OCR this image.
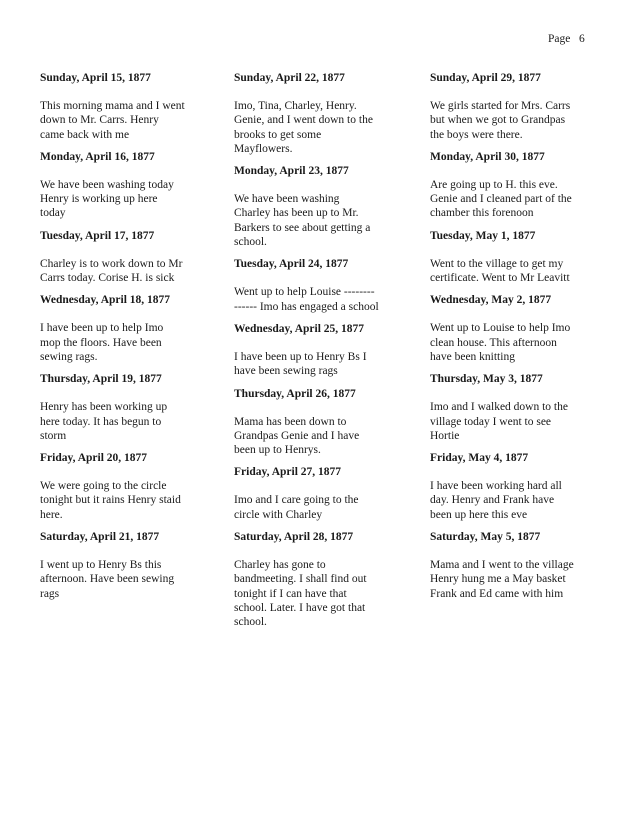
Page   6
Sunday, April 15, 1877
This morning mama and I went
down to Mr. Carrs. Henry
came back with me
Monday, April 16, 1877
We have been washing today
Henry is working up here
today
Tuesday, April 17, 1877
Charley is to work down to Mr
Carrs today. Corise H. is sick
Wednesday, April 18, 1877
I have been up to help Imo
mop the floors. Have been
sewing rags.
Thursday, April 19, 1877
Henry has been working up
here today. It has begun to
storm
Friday, April 20, 1877
We were going to the circle
tonight but it rains Henry staid
here.
Saturday, April 21, 1877
I went up to Henry Bs this
afternoon. Have been sewing
rags
Sunday, April 22, 1877
Imo, Tina, Charley, Henry.
Genie, and I went down to the
brooks to get some
Mayflowers.
Monday, April 23, 1877
We have been washing
Charley has been up to Mr.
Barkers to see about getting a
school.
Tuesday, April 24, 1877
Went up to help Louise --------
------ Imo has engaged a school
Wednesday, April 25, 1877
I have been up to Henry Bs I
have been sewing rags
Thursday, April 26, 1877
Mama has been down to
Grandpas Genie and I have
been up to Henrys.
Friday, April 27, 1877
Imo and I care going to the
circle with Charley
Saturday, April 28, 1877
Charley has gone to
bandmeeting. I shall find out
tonight if I can have that
school. Later. I have got that
school.
Sunday, April 29, 1877
We girls started for Mrs. Carrs
but when we got to Grandpas
the boys were there.
Monday, April 30, 1877
Are going up to H. this eve.
Genie and I cleaned part of the
chamber this forenoon
Tuesday, May 1, 1877
Went to the village to get my
certificate. Went to Mr Leavitt
Wednesday, May 2, 1877
Went up to Louise to help Imo
clean house. This afternoon
have been knitting
Thursday, May 3, 1877
Imo and I walked down to the
village today I went to see
Hortie
Friday, May 4, 1877
I have been working hard all
day. Henry and Frank have
been up here this eve
Saturday, May 5, 1877
Mama and I went to the village
Henry hung me a May basket
Frank and Ed came with him
